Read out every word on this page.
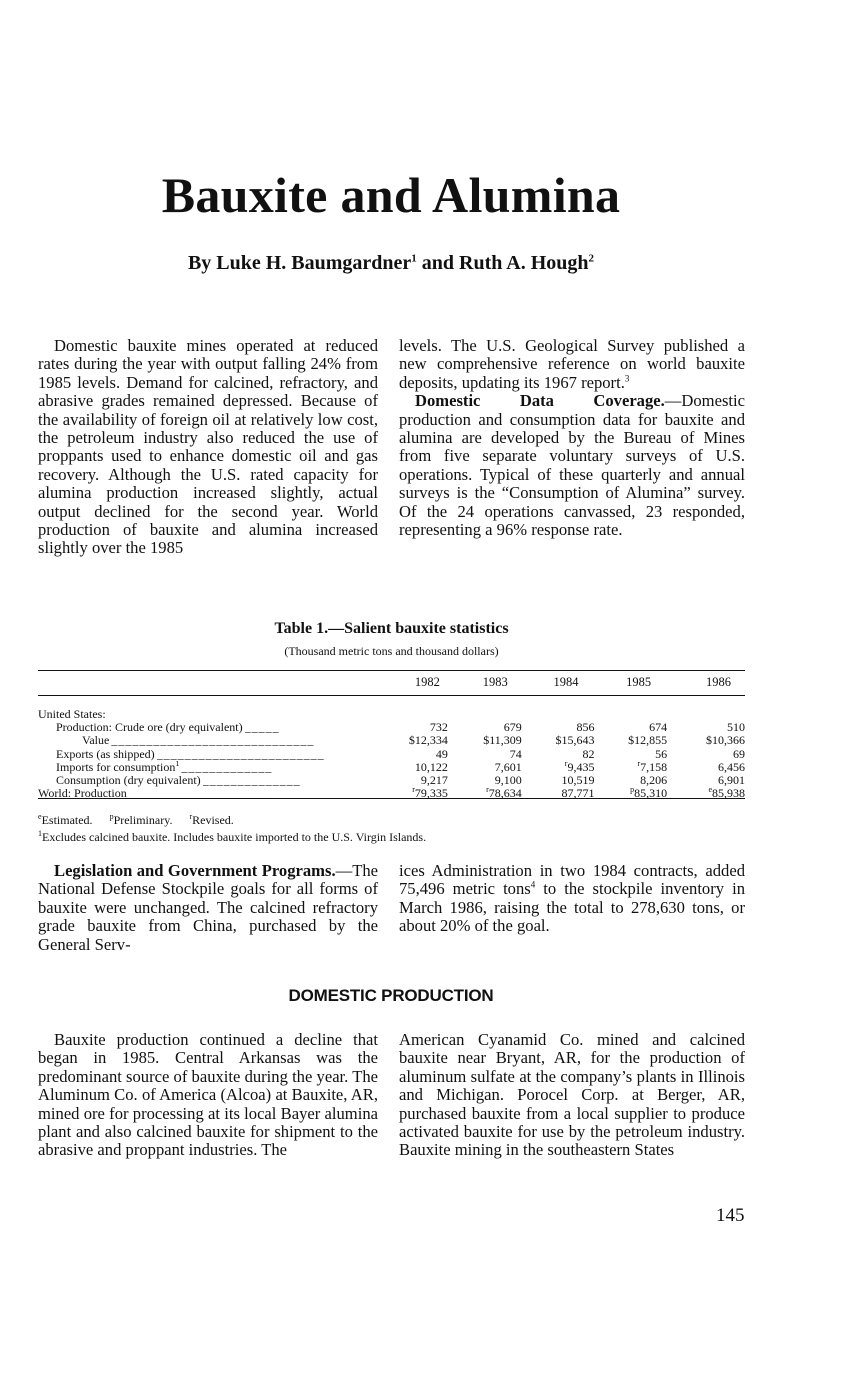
Bauxite and Alumina
By Luke H. Baumgardner$^1$ and Ruth A. Hough$^2$

Domestic bauxite mines operated at reduced rates during the year with output falling 24% from 1985 levels. Demand for calcined, refractory, and abrasive grades remained depressed. Because of the availability of foreign oil at relatively low cost, the petroleum industry also reduced the use of proppants used to enhance domestic oil and gas recovery. Although the U.S. rated capacity for alumina production increased slightly, actual output declined for the second year. World production of bauxite and alumina increased slightly over the 1985

levels. The U.S. Geological Survey published a new comprehensive reference on world bauxite deposits, updating its 1967 report.$^3$

Domestic Data Coverage.—Domestic production and consumption data for bauxite and alumina are developed by the Bureau of Mines from five separate voluntary surveys of U.S. operations. Typical of these quarterly and annual surveys is the “Consumption of Alumina” survey. Of the 24 operations canvassed, 23 responded, representing a 96% response rate.

Table 1.—Salient bauxite statistics
(Thousand metric tons and thousand dollars)
	1982	1983	1984	1985	1986

United States:					

Production: Crude ore (dry equivalent) _____	732	679	856	674	510

Value _____________________________	$12,334	$11,309	$15,643	$12,855	$10,366

Exports (as shipped) ________________________	49	74	82	56	69

Imports for consumption$^1$ _____________	10,122	7,601	$^r$9,435	$^r$7,158	6,456

Consumption (dry equivalent) ______________	9,217	9,100	10,519	8,206	6,901

World: Production ____________________	$^r$79,335	$^r$78,634	87,771	$^p$85,310	$^e$85,938
$^e$Estimated. $^p$Preliminary. $^r$Revised.
$^1$Excludes calcined bauxite. Includes bauxite imported to the U.S. Virgin Islands.

Legislation and Government Programs.—The National Defense Stockpile goals for all forms of bauxite were unchanged. The calcined refractory grade bauxite from China, purchased by the General Serv-

ices Administration in two 1984 contracts, added 75,496 metric tons$^4$ to the stockpile inventory in March 1986, raising the total to 278,630 tons, or about 20% of the goal.

DOMESTIC PRODUCTION

Bauxite production continued a decline that began in 1985. Central Arkansas was the predominant source of bauxite during the year. The Aluminum Co. of America (Alcoa) at Bauxite, AR, mined ore for processing at its local Bayer alumina plant and also calcined bauxite for shipment to the abrasive and proppant industries. The

American Cyanamid Co. mined and calcined bauxite near Bryant, AR, for the production of aluminum sulfate at the company’s plants in Illinois and Michigan. Porocel Corp. at Berger, AR, purchased bauxite from a local supplier to produce activated bauxite for use by the petroleum industry. Bauxite mining in the southeastern States

145
